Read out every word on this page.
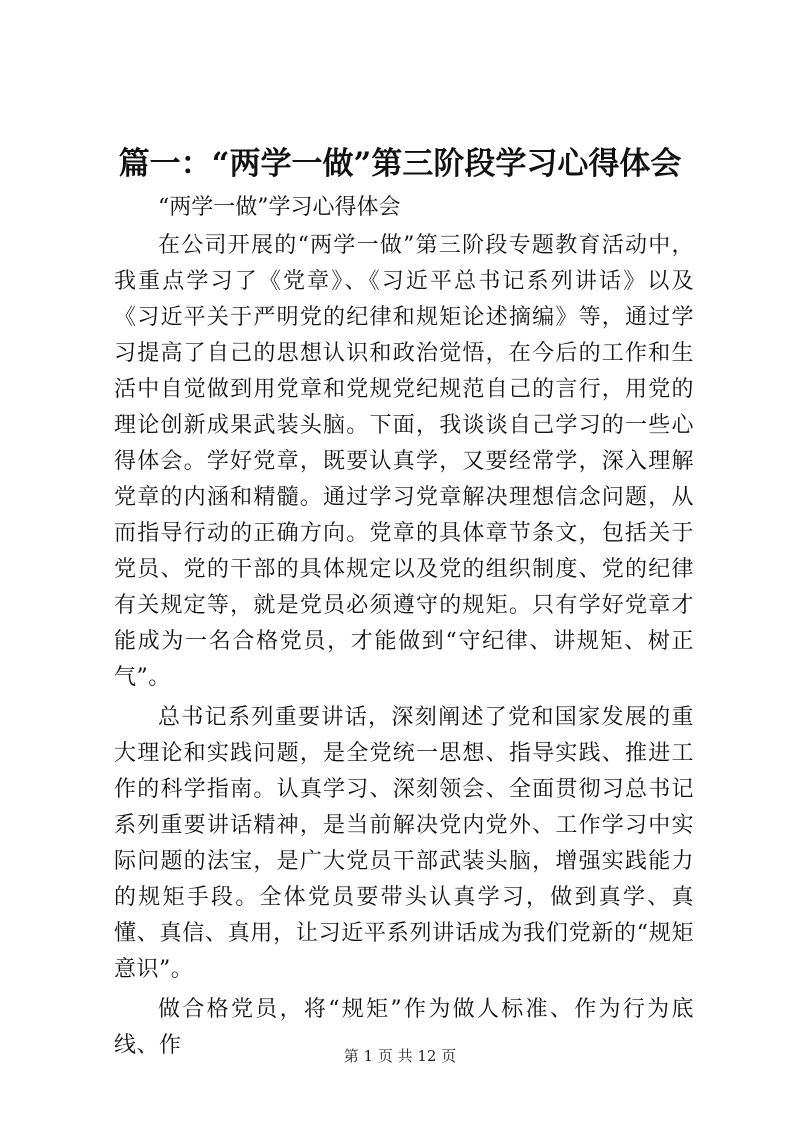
篇一：“两学一做”第三阶段学习心得体会

“两学一做”学习心得体会

在公司开展的“两学一做”第三阶段专题教育活动中，我重点学习了《党章》、《习近平总书记系列讲话》以及《习近平关于严明党的纪律和规矩论述摘编》等，通过学习提高了自己的思想认识和政治觉悟，在今后的工作和生活中自觉做到用党章和党规党纪规范自己的言行，用党的理论创新成果武装头脑。下面，我谈谈自己学习的一些心得体会。学好党章，既要认真学，又要经常学，深入理解党章的内涵和精髓。通过学习党章解决理想信念问题，从而指导行动的正确方向。党章的具体章节条文，包括关于党员、党的干部的具体规定以及党的组织制度、党的纪律有关规定等，就是党员必须遵守的规矩。只有学好党章才能成为一名合格党员，才能做到“守纪律、讲规矩、树正气”。

总书记系列重要讲话，深刻阐述了党和国家发展的重大理论和实践问题，是全党统一思想、指导实践、推进工作的科学指南。认真学习、深刻领会、全面贯彻习总书记系列重要讲话精神，是当前解决党内党外、工作学习中实际问题的法宝，是广大党员干部武装头脑，增强实践能力的规矩手段。全体党员要带头认真学习，做到真学、真懂、真信、真用，让习近平系列讲话成为我们党新的“规矩意识”。

做合格党员，将“规矩”作为做人标准、作为行为底线、作	第 1 页 共 12 页
